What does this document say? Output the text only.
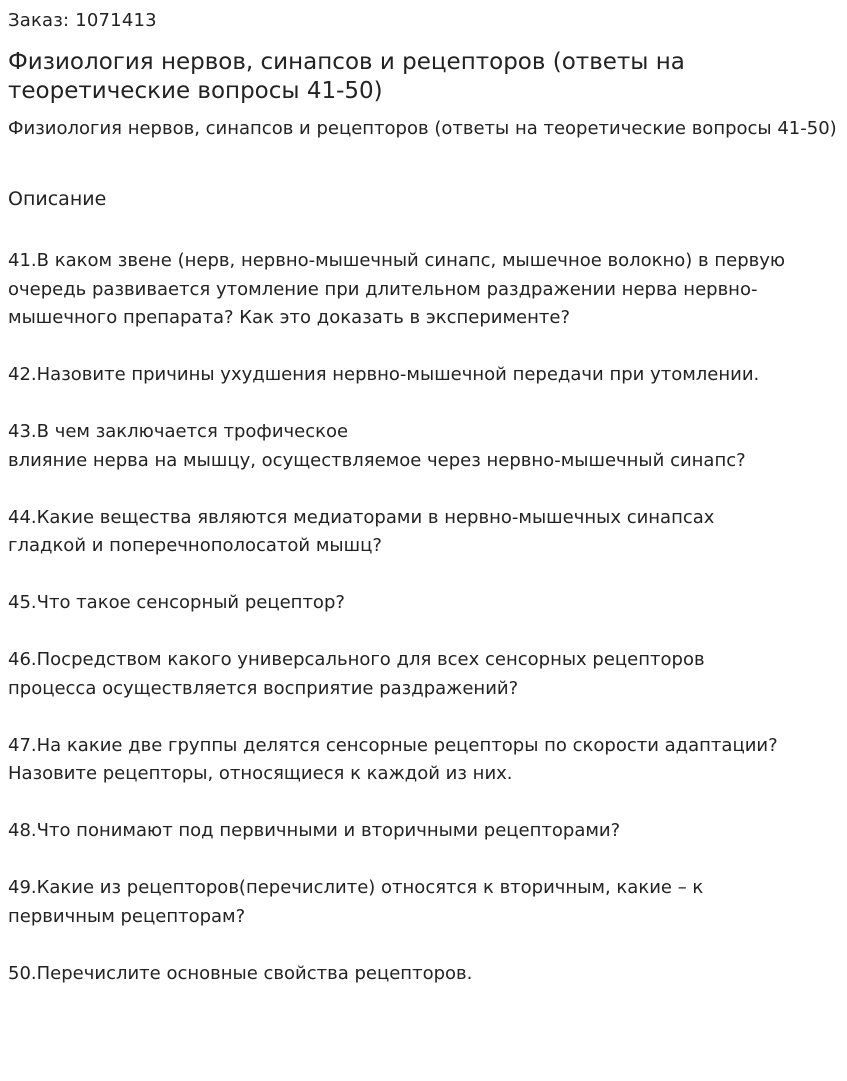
Заказ: 1071413
Физиология нервов, синапсов и рецепторов (ответы на теоретические вопросы 41-50)

Физиология нервов, синапсов и рецепторов (ответы на теоретические вопросы 41-50)

Описание
41.В каком звене (нерв, нервно-мышечный синапс, мышечное волокно) в первую
очередь развивается утомление при длительном раздражении нерва нервно-
мышечного препарата? Как это доказать в эксперименте?
42.Назовите причины ухудшения нервно-мышечной передачи при утомлении.
43.В чем заключается трофическое
влияние нерва на мышцу, осуществляемое через нервно-мышечный синапс?
44.Какие вещества являются медиаторами в нервно-мышечных синапсах
гладкой и поперечнополосатой мышц?
45.Что такое сенсорный рецептор?
46.Посредством какого универсального для всех сенсорных рецепторов
процесса осуществляется восприятие раздражений?
47.На какие две группы делятся сенсорные рецепторы по скорости адаптации?
Назовите рецепторы, относящиеся к каждой из них.
48.Что понимают под первичными и вторичными рецепторами?
49.Какие из рецепторов(перечислите) относятся к вторичным, какие – к
первичным рецепторам?
50.Перечислите основные свойства рецепторов.
